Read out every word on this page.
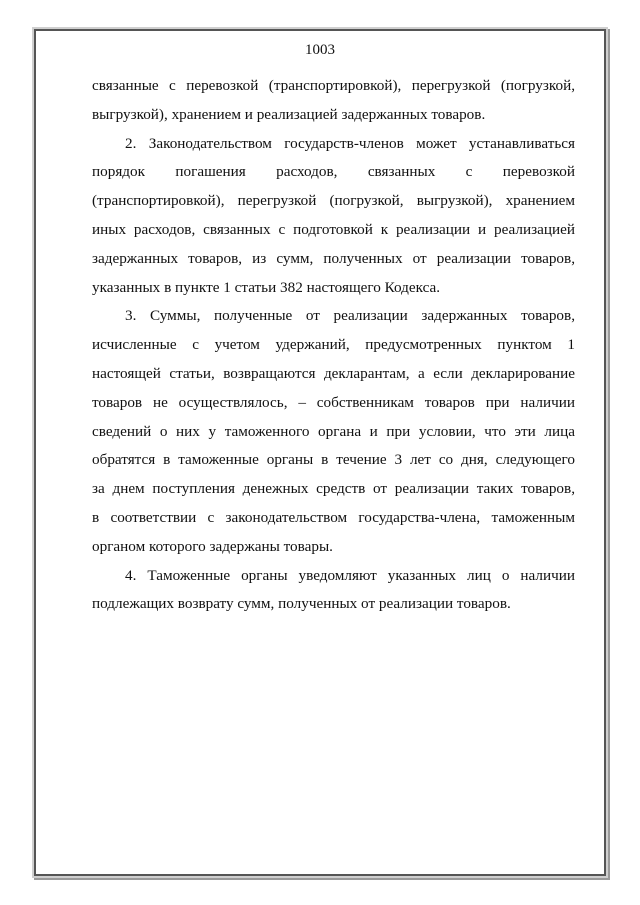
1003

связанные с перевозкой (транспортировкой), перегрузкой (погрузкой,
выгрузкой), хранением и реализацией задержанных товаров.

2. Законодательством государств-членов может устанавливаться
порядок погашения расходов, связанных с перевозкой
(транспортировкой), перегрузкой (погрузкой, выгрузкой), хранением
иных расходов, связанных с подготовкой к реализации и реализацией
задержанных товаров, из сумм, полученных от реализации товаров,
указанных в пункте 1 статьи 382 настоящего Кодекса.

3. Суммы, полученные от реализации задержанных товаров,
исчисленные с учетом удержаний, предусмотренных пунктом 1
настоящей статьи, возвращаются декларантам, а если декларирование
товаров не осуществлялось, – собственникам товаров при наличии
сведений о них у таможенного органа и при условии, что эти лица
обратятся в таможенные органы в течение 3 лет со дня, следующего
за днем поступления денежных средств от реализации таких товаров,
в соответствии с законодательством государства-члена, таможенным
органом которого задержаны товары.

4. Таможенные органы уведомляют указанных лиц о наличии
подлежащих возврату сумм, полученных от реализации товаров.
